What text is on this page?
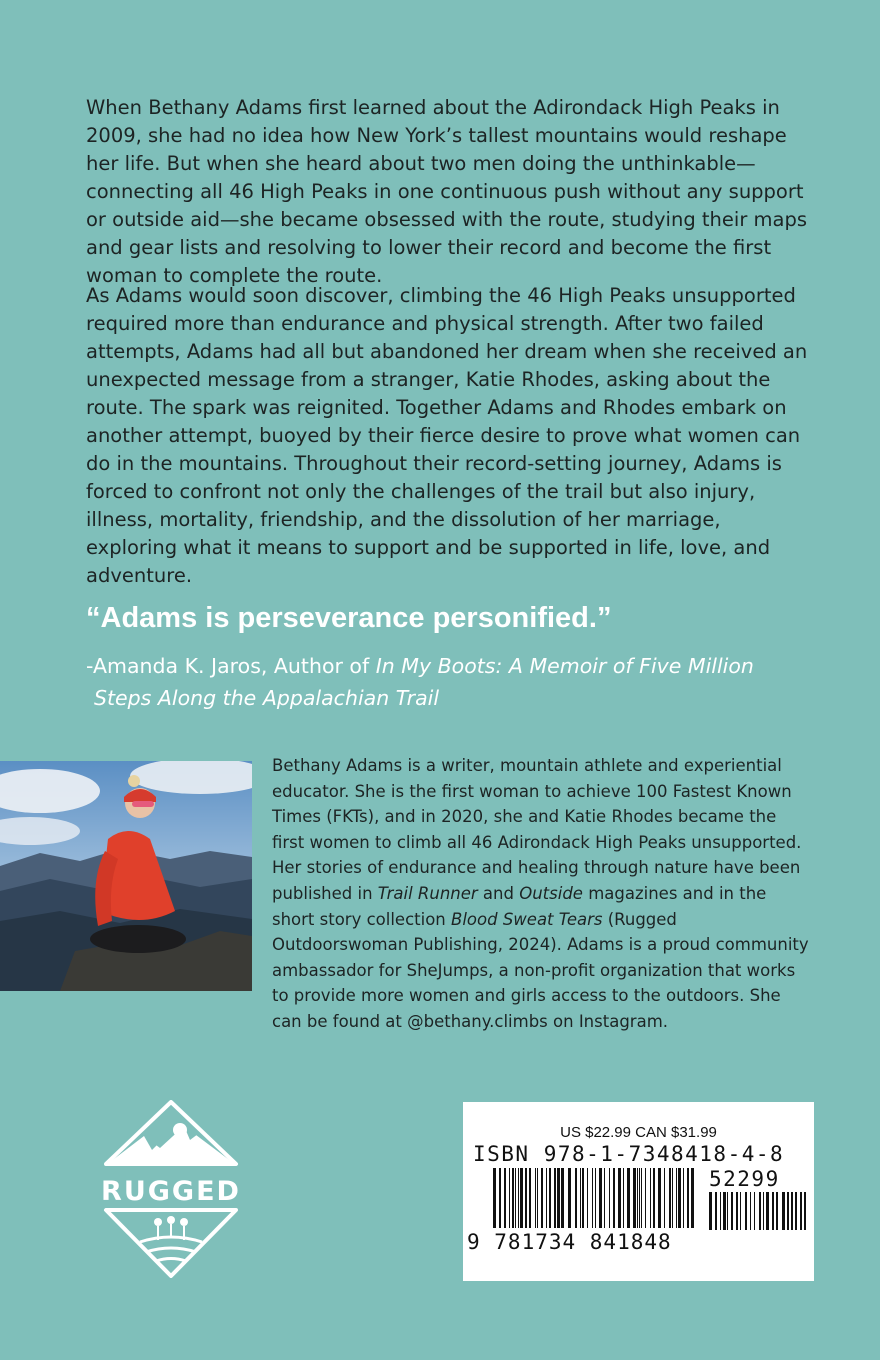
When Bethany Adams first learned about the Adirondack High Peaks in 2009, she had no idea how New York’s tallest mountains would reshape her life. But when she heard about two men doing the unthinkable—connecting all 46 High Peaks in one continuous push without any support or outside aid—she became obsessed with the route, studying their maps and gear lists and resolving to lower their record and become the first woman to complete the route.

As Adams would soon discover, climbing the 46 High Peaks unsupported required more than endurance and physical strength. After two failed attempts, Adams had all but abandoned her dream when she received an unexpected message from a stranger, Katie Rhodes, asking about the route. The spark was reignited. Together Adams and Rhodes embark on another attempt, buoyed by their fierce desire to prove what women can do in the mountains. Throughout their record-setting journey, Adams is forced to confront not only the challenges of the trail but also injury, illness, mortality, friendship, and the dissolution of her marriage, exploring what it means to support and be supported in life, love, and adventure.

“Adams is perseverance personified.”

-Amanda K. Jaros, Author of In My Boots: A Memoir of Five Million
Steps Along the Appalachian Trail

Bethany Adams is a writer, mountain athlete and experiential educator. She is the first woman to achieve 100 Fastest Known Times (FKTs), and in 2020, she and Katie Rhodes became the first women to climb all 46 Adirondack High Peaks unsupported. Her stories of endurance and healing through nature have been published in Trail Runner and Outside magazines and in the short story collection Blood Sweat Tears (Rugged Outdoorswoman Publishing, 2024). Adams is a proud community ambassador for SheJumps, a non-profit organization that works to provide more women and girls access to the outdoors. She can be found at @bethany.climbs on Instagram.

RUGGED
US $22.99 CAN $31.99
ISBN 978-1-7348418-4-8
52299
9 781734 841848
